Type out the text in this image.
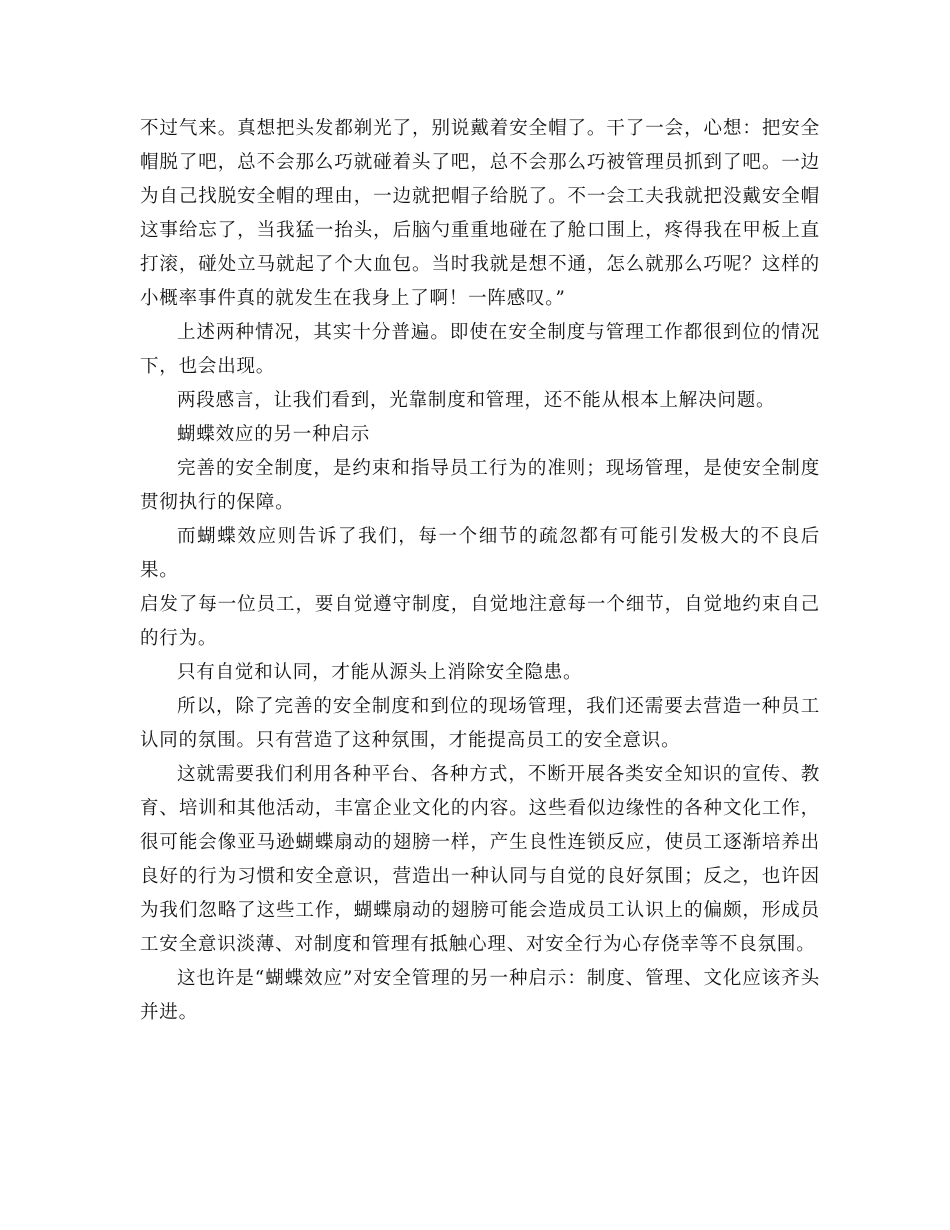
不过气来。真想把头发都剃光了，别说戴着安全帽了。干了一会，心想：把安全帽脱了吧，总不会那么巧就碰着头了吧，总不会那么巧被管理员抓到了吧。一边为自己找脱安全帽的理由，一边就把帽子给脱了。不一会工夫我就把没戴安全帽这事给忘了，当我猛一抬头，后脑勺重重地碰在了舱口围上，疼得我在甲板上直打滚，碰处立马就起了个大血包。当时我就是想不通，怎么就那么巧呢？这样的小概率事件真的就发生在我身上了啊！一阵感叹。”

上述两种情况，其实十分普遍。即使在安全制度与管理工作都很到位的情况下，也会出现。

两段感言，让我们看到，光靠制度和管理，还不能从根本上解决问题。

蝴蝶效应的另一种启示

完善的安全制度，是约束和指导员工行为的准则；现场管理，是使安全制度贯彻执行的保障。

而蝴蝶效应则告诉了我们，每一个细节的疏忽都有可能引发极大的不良后果。

启发了每一位员工，要自觉遵守制度，自觉地注意每一个细节，自觉地约束自己的行为。

只有自觉和认同，才能从源头上消除安全隐患。

所以，除了完善的安全制度和到位的现场管理，我们还需要去营造一种员工认同的氛围。只有营造了这种氛围，才能提高员工的安全意识。

这就需要我们利用各种平台、各种方式，不断开展各类安全知识的宣传、教育、培训和其他活动，丰富企业文化的内容。这些看似边缘性的各种文化工作，很可能会像亚马逊蝴蝶扇动的翅膀一样，产生良性连锁反应，使员工逐渐培养出良好的行为习惯和安全意识，营造出一种认同与自觉的良好氛围；反之，也许因为我们忽略了这些工作，蝴蝶扇动的翅膀可能会造成员工认识上的偏颇，形成员工安全意识淡薄、对制度和管理有抵触心理、对安全行为心存侥幸等不良氛围。

这也许是“蝴蝶效应”对安全管理的另一种启示：制度、管理、文化应该齐头并进。
